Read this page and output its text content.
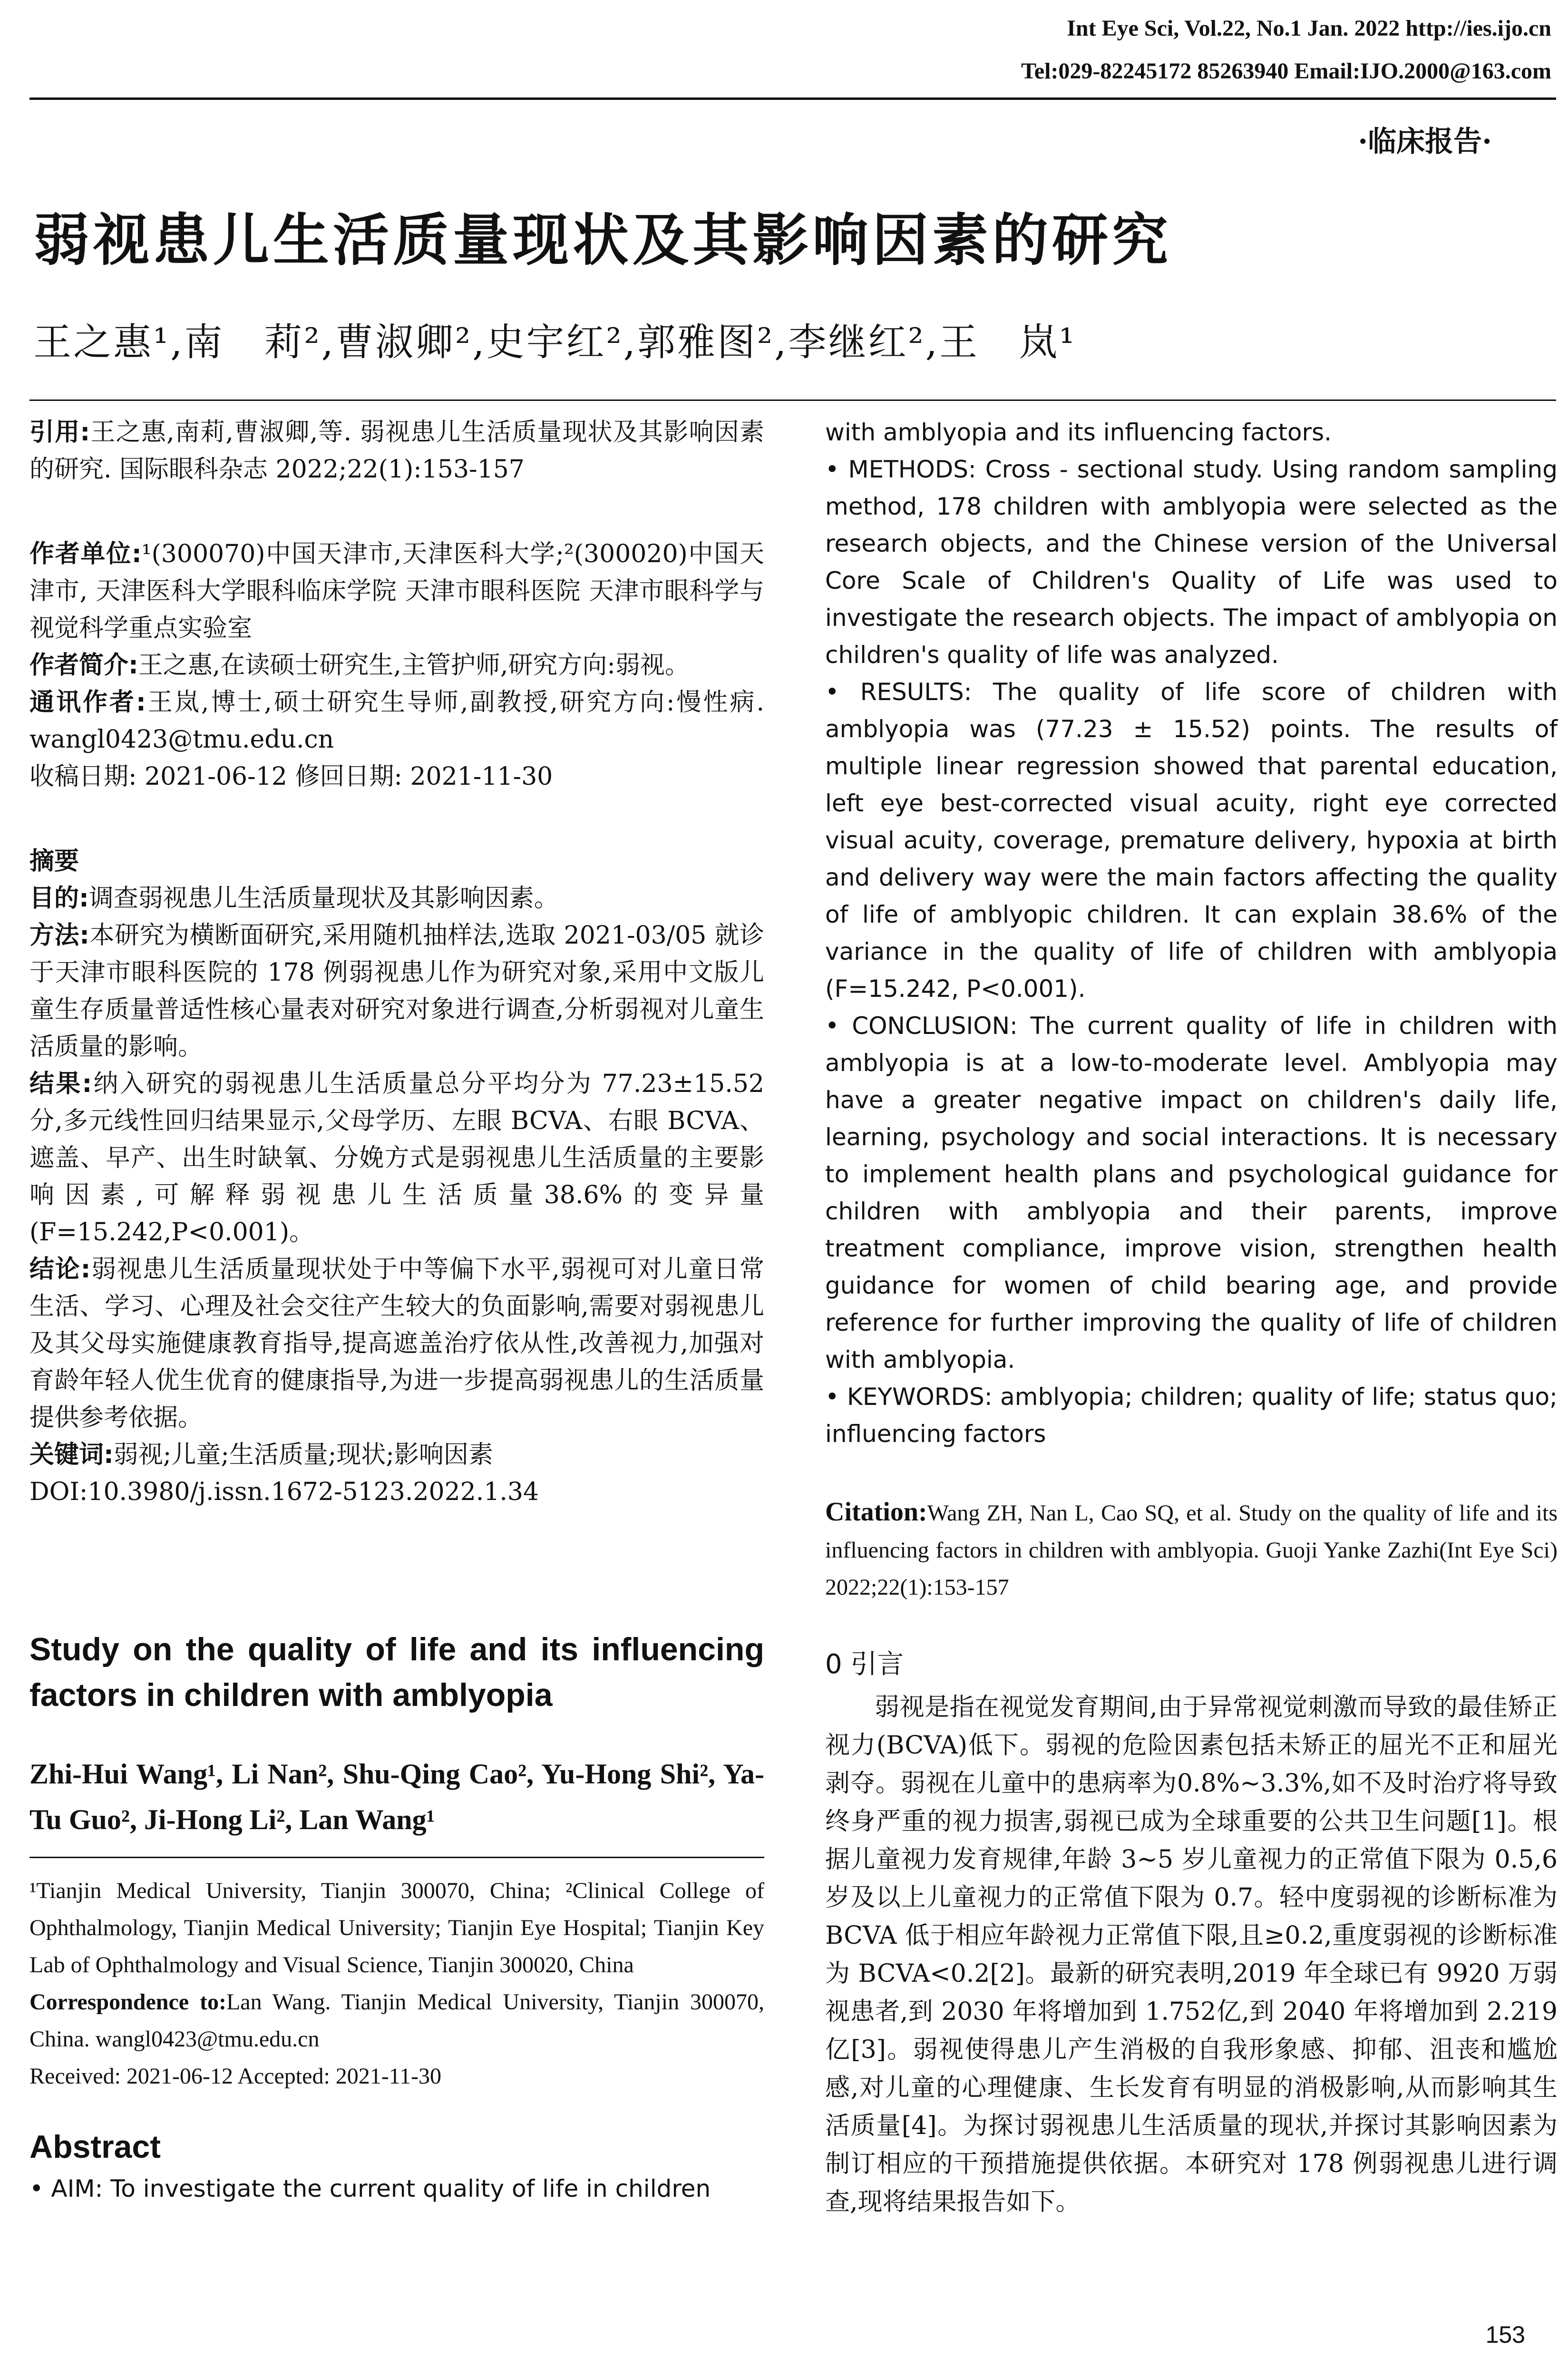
Int Eye Sci, Vol.22, No.1 Jan. 2022 http://ies.ijo.cn
Tel:029-82245172 85263940 Email:IJO.2000@163.com
·临床报告·
弱视患儿生活质量现状及其影响因素的研究
王之惠¹,南　莉²,曹淑卿²,史宇红²,郭雅图²,李继红²,王　岚¹

引用:王之惠,南莉,曹淑卿,等. 弱视患儿生活质量现状及其影响因素的研究. 国际眼科杂志 2022;22(1):153-157

作者单位:¹(300070)中国天津市,天津医科大学;²(300020)中国天津市, 天津医科大学眼科临床学院 天津市眼科医院 天津市眼科学与视觉科学重点实验室

作者简介:王之惠,在读硕士研究生,主管护师,研究方向:弱视。

通讯作者:王岚,博士,硕士研究生导师,副教授,研究方向:慢性病. wangl0423@tmu.edu.cn

收稿日期: 2021-06-12 修回日期: 2021-11-30

摘要

目的:调查弱视患儿生活质量现状及其影响因素。

方法:本研究为横断面研究,采用随机抽样法,选取 2021-03/05 就诊于天津市眼科医院的 178 例弱视患儿作为研究对象,采用中文版儿童生存质量普适性核心量表对研究对象进行调查,分析弱视对儿童生活质量的影响。

结果:纳入研究的弱视患儿生活质量总分平均分为 77.23±15.52 分,多元线性回归结果显示,父母学历、左眼 BCVA、右眼 BCVA、遮盖、早产、出生时缺氧、分娩方式是弱视患儿生活质量的主要影响因素,可解释弱视患儿生活质量38.6%的变异量(F=15.242,P<0.001)。

结论:弱视患儿生活质量现状处于中等偏下水平,弱视可对儿童日常生活、学习、心理及社会交往产生较大的负面影响,需要对弱视患儿及其父母实施健康教育指导,提高遮盖治疗依从性,改善视力,加强对育龄年轻人优生优育的健康指导,为进一步提高弱视患儿的生活质量提供参考依据。

关键词:弱视;儿童;生活质量;现状;影响因素

DOI:10.3980/j.issn.1672-5123.2022.1.34

Study on the quality of life and its influencing factors in children with amblyopia

Zhi-Hui Wang¹, Li Nan², Shu-Qing Cao², Yu-Hong Shi², Ya-Tu Guo², Ji-Hong Li², Lan Wang¹

¹Tianjin Medical University, Tianjin 300070, China; ²Clinical College of Ophthalmology, Tianjin Medical University; Tianjin Eye Hospital; Tianjin Key Lab of Ophthalmology and Visual Science, Tianjin 300020, China

Correspondence to:Lan Wang. Tianjin Medical University, Tianjin 300070, China. wangl0423@tmu.edu.cn

Received: 2021-06-12 Accepted: 2021-11-30

Abstract

• AIM: To investigate the current quality of life in children

with amblyopia and its influencing factors.

• METHODS: Cross - sectional study. Using random sampling method, 178 children with amblyopia were selected as the research objects, and the Chinese version of the Universal Core Scale of Children's Quality of Life was used to investigate the research objects. The impact of amblyopia on children's quality of life was analyzed.

• RESULTS: The quality of life score of children with amblyopia was (77.23 ± 15.52) points. The results of multiple linear regression showed that parental education, left eye best-corrected visual acuity, right eye corrected visual acuity, coverage, premature delivery, hypoxia at birth and delivery way were the main factors affecting the quality of life of amblyopic children. It can explain 38.6% of the variance in the quality of life of children with amblyopia (F=15.242, P<0.001).

• CONCLUSION: The current quality of life in children with amblyopia is at a low-to-moderate level. Amblyopia may have a greater negative impact on children's daily life, learning, psychology and social interactions. It is necessary to implement health plans and psychological guidance for children with amblyopia and their parents, improve treatment compliance, improve vision, strengthen health guidance for women of child bearing age, and provide reference for further improving the quality of life of children with amblyopia.

• KEYWORDS: amblyopia; children; quality of life; status quo; influencing factors

Citation:Wang ZH, Nan L, Cao SQ, et al. Study on the quality of life and its influencing factors in children with amblyopia. Guoji Yanke Zazhi(Int Eye Sci) 2022;22(1):153-157

0 引言

弱视是指在视觉发育期间,由于异常视觉刺激而导致的最佳矫正视力(BCVA)低下。弱视的危险因素包括未矫正的屈光不正和屈光剥夺。弱视在儿童中的患病率为0.8%~3.3%,如不及时治疗将导致终身严重的视力损害,弱视已成为全球重要的公共卫生问题[1]。根据儿童视力发育规律,年龄 3~5 岁儿童视力的正常值下限为 0.5,6 岁及以上儿童视力的正常值下限为 0.7。轻中度弱视的诊断标准为 BCVA 低于相应年龄视力正常值下限,且≥0.2,重度弱视的诊断标准为 BCVA<0.2[2]。最新的研究表明,2019 年全球已有 9920 万弱视患者,到 2030 年将增加到 1.752亿,到 2040 年将增加到 2.219 亿[3]。弱视使得患儿产生消极的自我形象感、抑郁、沮丧和尴尬感,对儿童的心理健康、生长发育有明显的消极影响,从而影响其生活质量[4]。为探讨弱视患儿生活质量的现状,并探讨其影响因素为制订相应的干预措施提供依据。本研究对 178 例弱视患儿进行调查,现将结果报告如下。

153
